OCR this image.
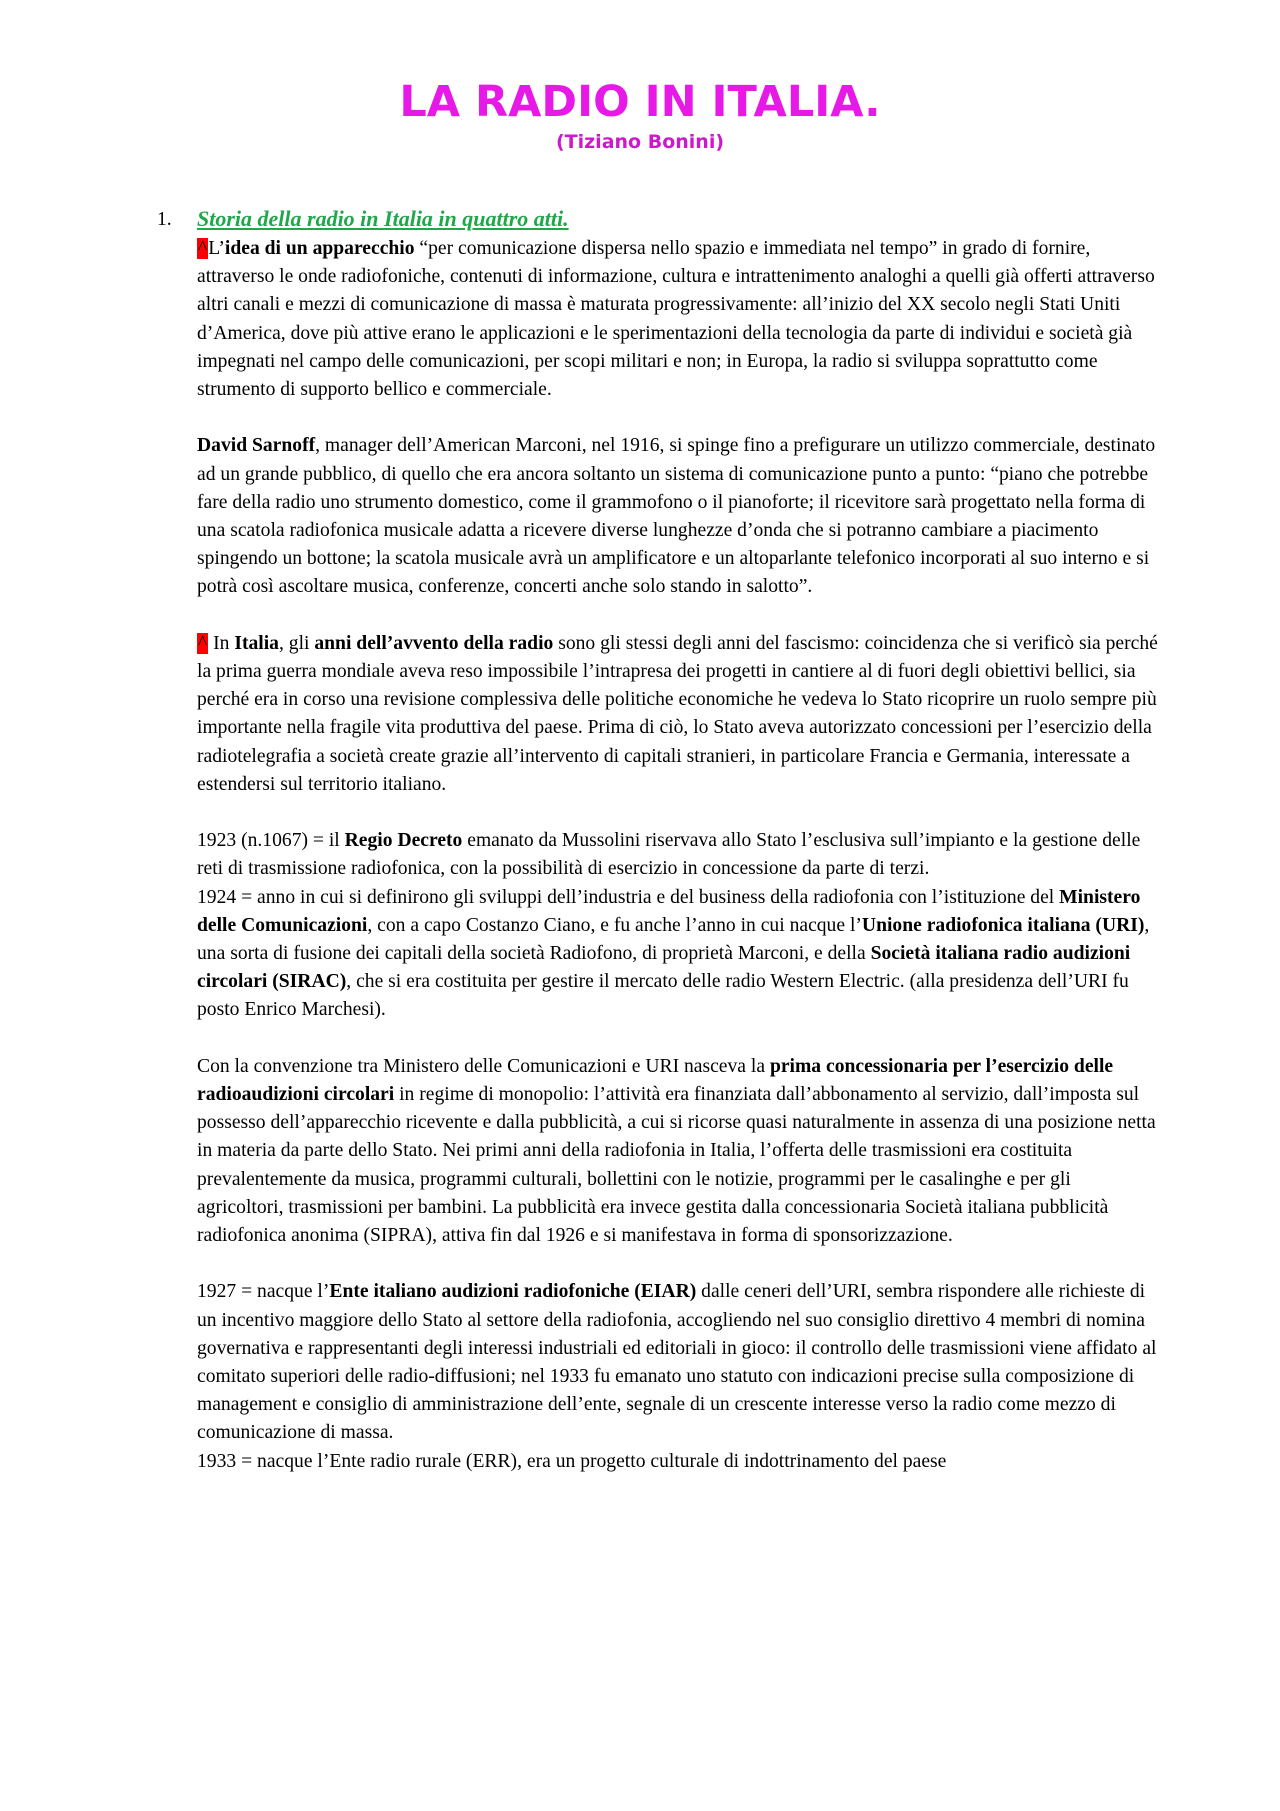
LA RADIO IN ITALIA.
(Tiziano Bonini)
1. Storia della radio in Italia in quattro atti.

^L’idea di un apparecchio “per comunicazione dispersa nello spazio e immediata nel tempo” in grado di fornire, attraverso le onde radiofoniche, contenuti di informazione, cultura e intrattenimento analoghi a quelli già offerti attraverso altri canali e mezzi di comunicazione di massa è maturata progressivamente: all’inizio del XX secolo negli Stati Uniti d’America, dove più attive erano le applicazioni e le sperimentazioni della tecnologia da parte di individui e società già impegnati nel campo delle comunicazioni, per scopi militari e non; in Europa, la radio si sviluppa soprattutto come strumento di supporto bellico e commerciale.

David Sarnoff, manager dell’American Marconi, nel 1916, si spinge fino a prefigurare un utilizzo commerciale, destinato ad un grande pubblico, di quello che era ancora soltanto un sistema di comunicazione punto a punto: “piano che potrebbe fare della radio uno strumento domestico, come il grammofono o il pianoforte; il ricevitore sarà progettato nella forma di una scatola radiofonica musicale adatta a ricevere diverse lunghezze d’onda che si potranno cambiare a piacimento spingendo un bottone; la scatola musicale avrà un amplificatore e un altoparlante telefonico incorporati al suo interno e si potrà così ascoltare musica, conferenze, concerti anche solo stando in salotto”.

^ In Italia, gli anni dell’avvento della radio sono gli stessi degli anni del fascismo: coincidenza che si verificò sia perché la prima guerra mondiale aveva reso impossibile l’intrapresa dei progetti in cantiere al di fuori degli obiettivi bellici, sia perché era in corso una revisione complessiva delle politiche economiche he vedeva lo Stato ricoprire un ruolo sempre più importante nella fragile vita produttiva del paese. Prima di ciò, lo Stato aveva autorizzato concessioni per l’esercizio della radiotelegrafia a società create grazie all’intervento di capitali stranieri, in particolare Francia e Germania, interessate a estendersi sul territorio italiano.

1923 (n.1067) = il Regio Decreto emanato da Mussolini riservava allo Stato l’esclusiva sull’impianto e la gestione delle reti di trasmissione radiofonica, con la possibilità di esercizio in concessione da parte di terzi.
1924 = anno in cui si definirono gli sviluppi dell’industria e del business della radiofonia con l’istituzione del Ministero delle Comunicazioni, con a capo Costanzo Ciano, e fu anche l’anno in cui nacque l’Unione radiofonica italiana (URI), una sorta di fusione dei capitali della società Radiofono, di proprietà Marconi, e della Società italiana radio audizioni circolari (SIRAC), che si era costituita per gestire il mercato delle radio Western Electric. (alla presidenza dell’URI fu posto Enrico Marchesi).

Con la convenzione tra Ministero delle Comunicazioni e URI nasceva la prima concessionaria per l’esercizio delle radioaudizioni circolari in regime di monopolio: l’attività era finanziata dall’abbonamento al servizio, dall’imposta sul possesso dell’apparecchio ricevente e dalla pubblicità, a cui si ricorse quasi naturalmente in assenza di una posizione netta in materia da parte dello Stato. Nei primi anni della radiofonia in Italia, l’offerta delle trasmissioni era costituita prevalentemente da musica, programmi culturali, bollettini con le notizie, programmi per le casalinghe e per gli agricoltori, trasmissioni per bambini. La pubblicità era invece gestita dalla concessionaria Società italiana pubblicità radiofonica anonima (SIPRA), attiva fin dal 1926 e si manifestava in forma di sponsorizzazione.

1927 = nacque l’Ente italiano audizioni radiofoniche (EIAR) dalle ceneri dell’URI, sembra rispondere alle richieste di un incentivo maggiore dello Stato al settore della radiofonia, accogliendo nel suo consiglio direttivo 4 membri di nomina governativa e rappresentanti degli interessi industriali ed editoriali in gioco: il controllo delle trasmissioni viene affidato al comitato superiori delle radio-diffusioni; nel 1933 fu emanato uno statuto con indicazioni precise sulla composizione di management e consiglio di amministrazione dell’ente, segnale di un crescente interesse verso la radio come mezzo di comunicazione di massa.
1933 = nacque l’Ente radio rurale (ERR), era un progetto culturale di indottrinamento del paese
